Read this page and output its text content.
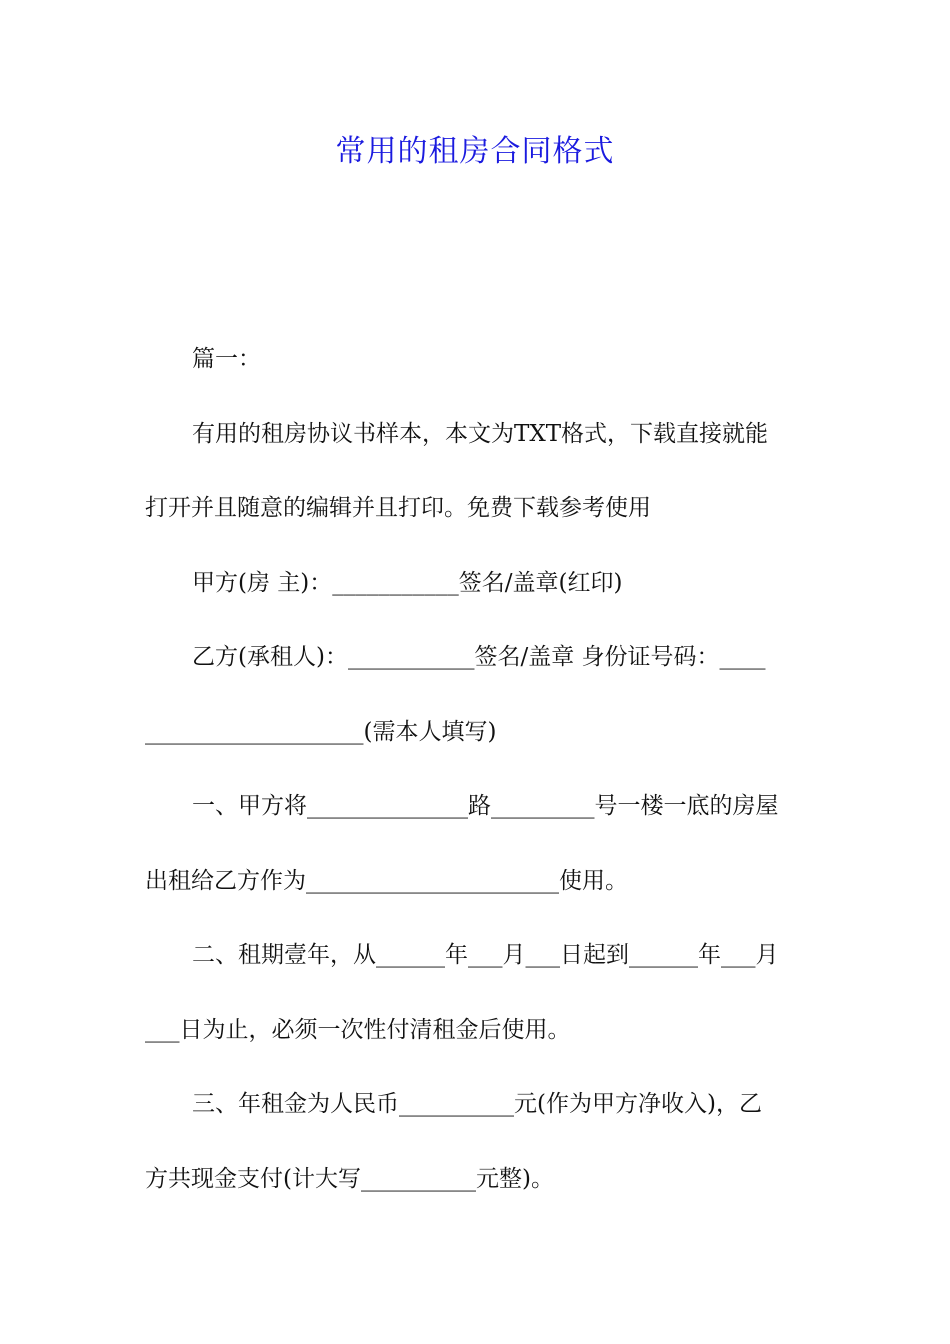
常用的租房合同格式
篇一：
有用的租房协议书样本，本文为TXT格式，下载直接就能
打开并且随意的编辑并且打印。免费下载参考使用
甲方(房 主)：___________签名/盖章(红印)
乙方(承租人)：___________签名/盖章 身份证号码：____
___________________(需本人填写)
一、甲方将______________路_________号一楼一底的房屋
出租给乙方作为______________________使用。
二、租期壹年，从______年___月___日起到______年___月
___日为止，必须一次性付清租金后使用。
三、年租金为人民币__________元(作为甲方净收入)，乙
方共现金支付(计大写__________元整)。
